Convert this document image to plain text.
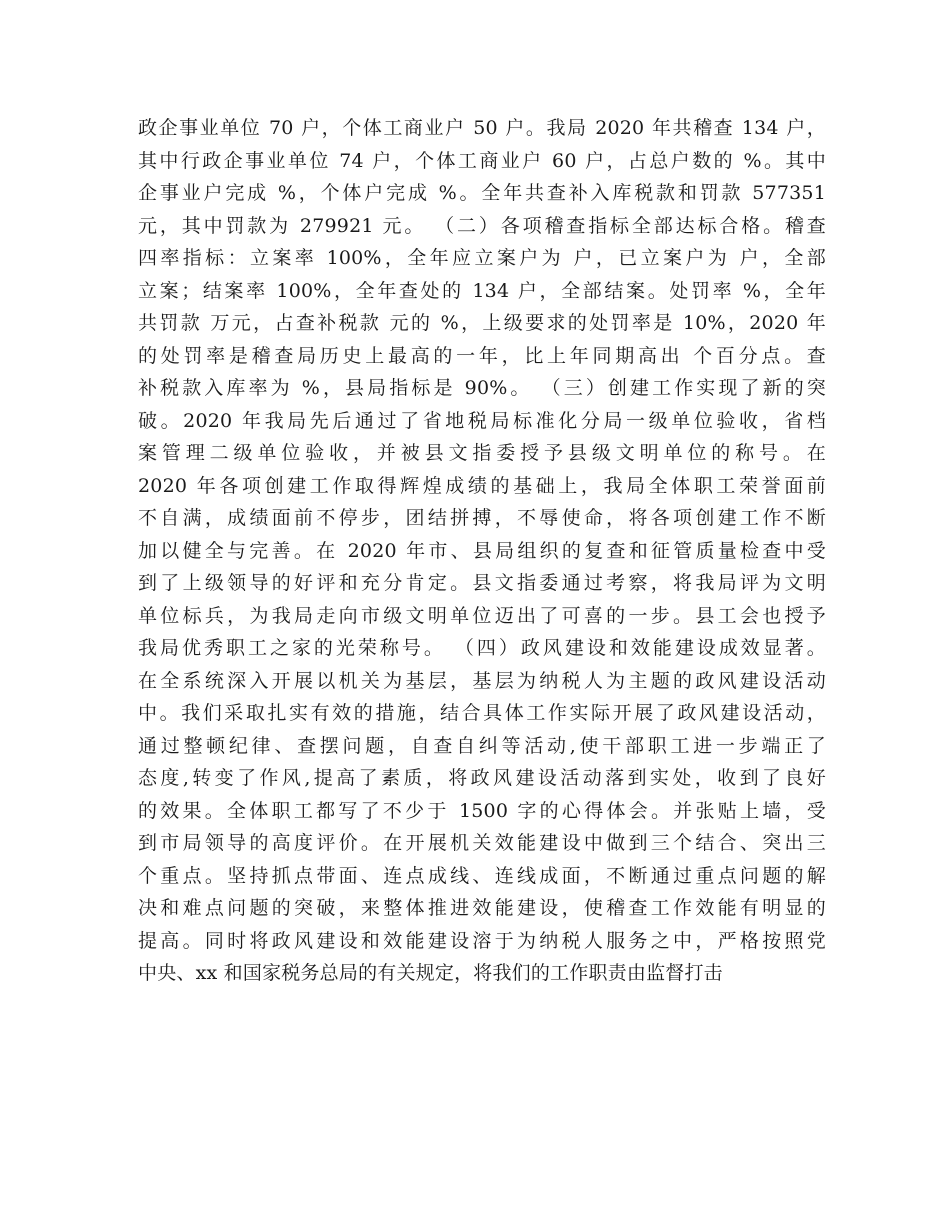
政企事业单位 70 户，个体工商业户 50 户。我局 2020 年共稽查 134 户，
其中行政企事业单位 74 户，个体工商业户 60 户，占总户数的 %。其中
企事业户完成 %，个体户完成 %。全年共查补入库税款和罚款 577351
元，其中罚款为 279921 元。 （二）各项稽查指标全部达标合格。稽查
四率指标：立案率 100%，全年应立案户为 户，已立案户为 户，全部
立案；结案率 100%，全年查处的 134 户，全部结案。处罚率 %，全年
共罚款 万元，占查补税款 元的 %，上级要求的处罚率是 10%，2020 年
的处罚率是稽查局历史上最高的一年，比上年同期高出 个百分点。查
补税款入库率为 %，县局指标是 90%。 （三）创建工作实现了新的突
破。2020 年我局先后通过了省地税局标准化分局一级单位验收，省档
案管理二级单位验收，并被县文指委授予县级文明单位的称号。在
2020 年各项创建工作取得辉煌成绩的基础上，我局全体职工荣誉面前
不自满，成绩面前不停步，团结拼搏，不辱使命，将各项创建工作不断
加以健全与完善。在 2020 年市、县局组织的复查和征管质量检查中受
到了上级领导的好评和充分肯定。县文指委通过考察，将我局评为文明
单位标兵，为我局走向市级文明单位迈出了可喜的一步。县工会也授予
我局优秀职工之家的光荣称号。 （四）政风建设和效能建设成效显著。
在全系统深入开展以机关为基层，基层为纳税人为主题的政风建设活动
中。我们采取扎实有效的措施，结合具体工作实际开展了政风建设活动，
通过整顿纪律、查摆问题，自查自纠等活动,使干部职工进一步端正了
态度,转变了作风,提高了素质，将政风建设活动落到实处，收到了良好
的效果。全体职工都写了不少于 1500 字的心得体会。并张贴上墙，受
到市局领导的高度评价。在开展机关效能建设中做到三个结合、突出三
个重点。坚持抓点带面、连点成线、连线成面，不断通过重点问题的解
决和难点问题的突破，来整体推进效能建设，使稽查工作效能有明显的
提高。同时将政风建设和效能建设溶于为纳税人服务之中，严格按照党
中央、xx 和国家税务总局的有关规定，将我们的工作职责由监督打击
